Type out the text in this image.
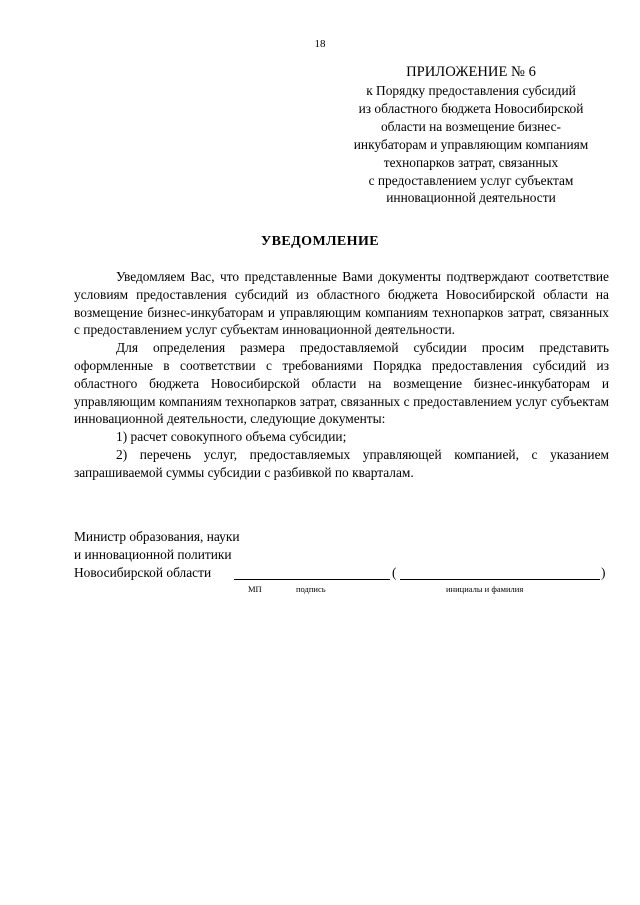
18
ПРИЛОЖЕНИЕ № 6
к Порядку предоставления субсидий
из областного бюджета Новосибирской
области на возмещение бизнес-
инкубаторам и управляющим компаниям
технопарков затрат, связанных
с предоставлением услуг субъектам
инновационной деятельности
УВЕДОМЛЕНИЕ

Уведомляем Вас, что представленные Вами документы подтверждают соответствие условиям предоставления субсидий из областного бюджета Новосибирской области на возмещение бизнес-инкубаторам и управляющим компаниям технопарков затрат, связанных с предоставлением услуг субъектам инновационной деятельности.

Для определения размера предоставляемой субсидии просим представить оформленные в соответствии с требованиями Порядка предоставления субсидий из областного бюджета Новосибирской области на возмещение бизнес-инкубаторам и управляющим компаниям технопарков затрат, связанных с предоставлением услуг субъектам инновационной деятельности, следующие документы:

1) расчет совокупного объема субсидии;

2) перечень услуг, предоставляемых управляющей компанией, с указанием запрашиваемой суммы субсидии с разбивкой по кварталам.

Министр образования, науки
и инновационной политики
Новосибирской области	(	)
МП	подпись	инициалы и фамилия
